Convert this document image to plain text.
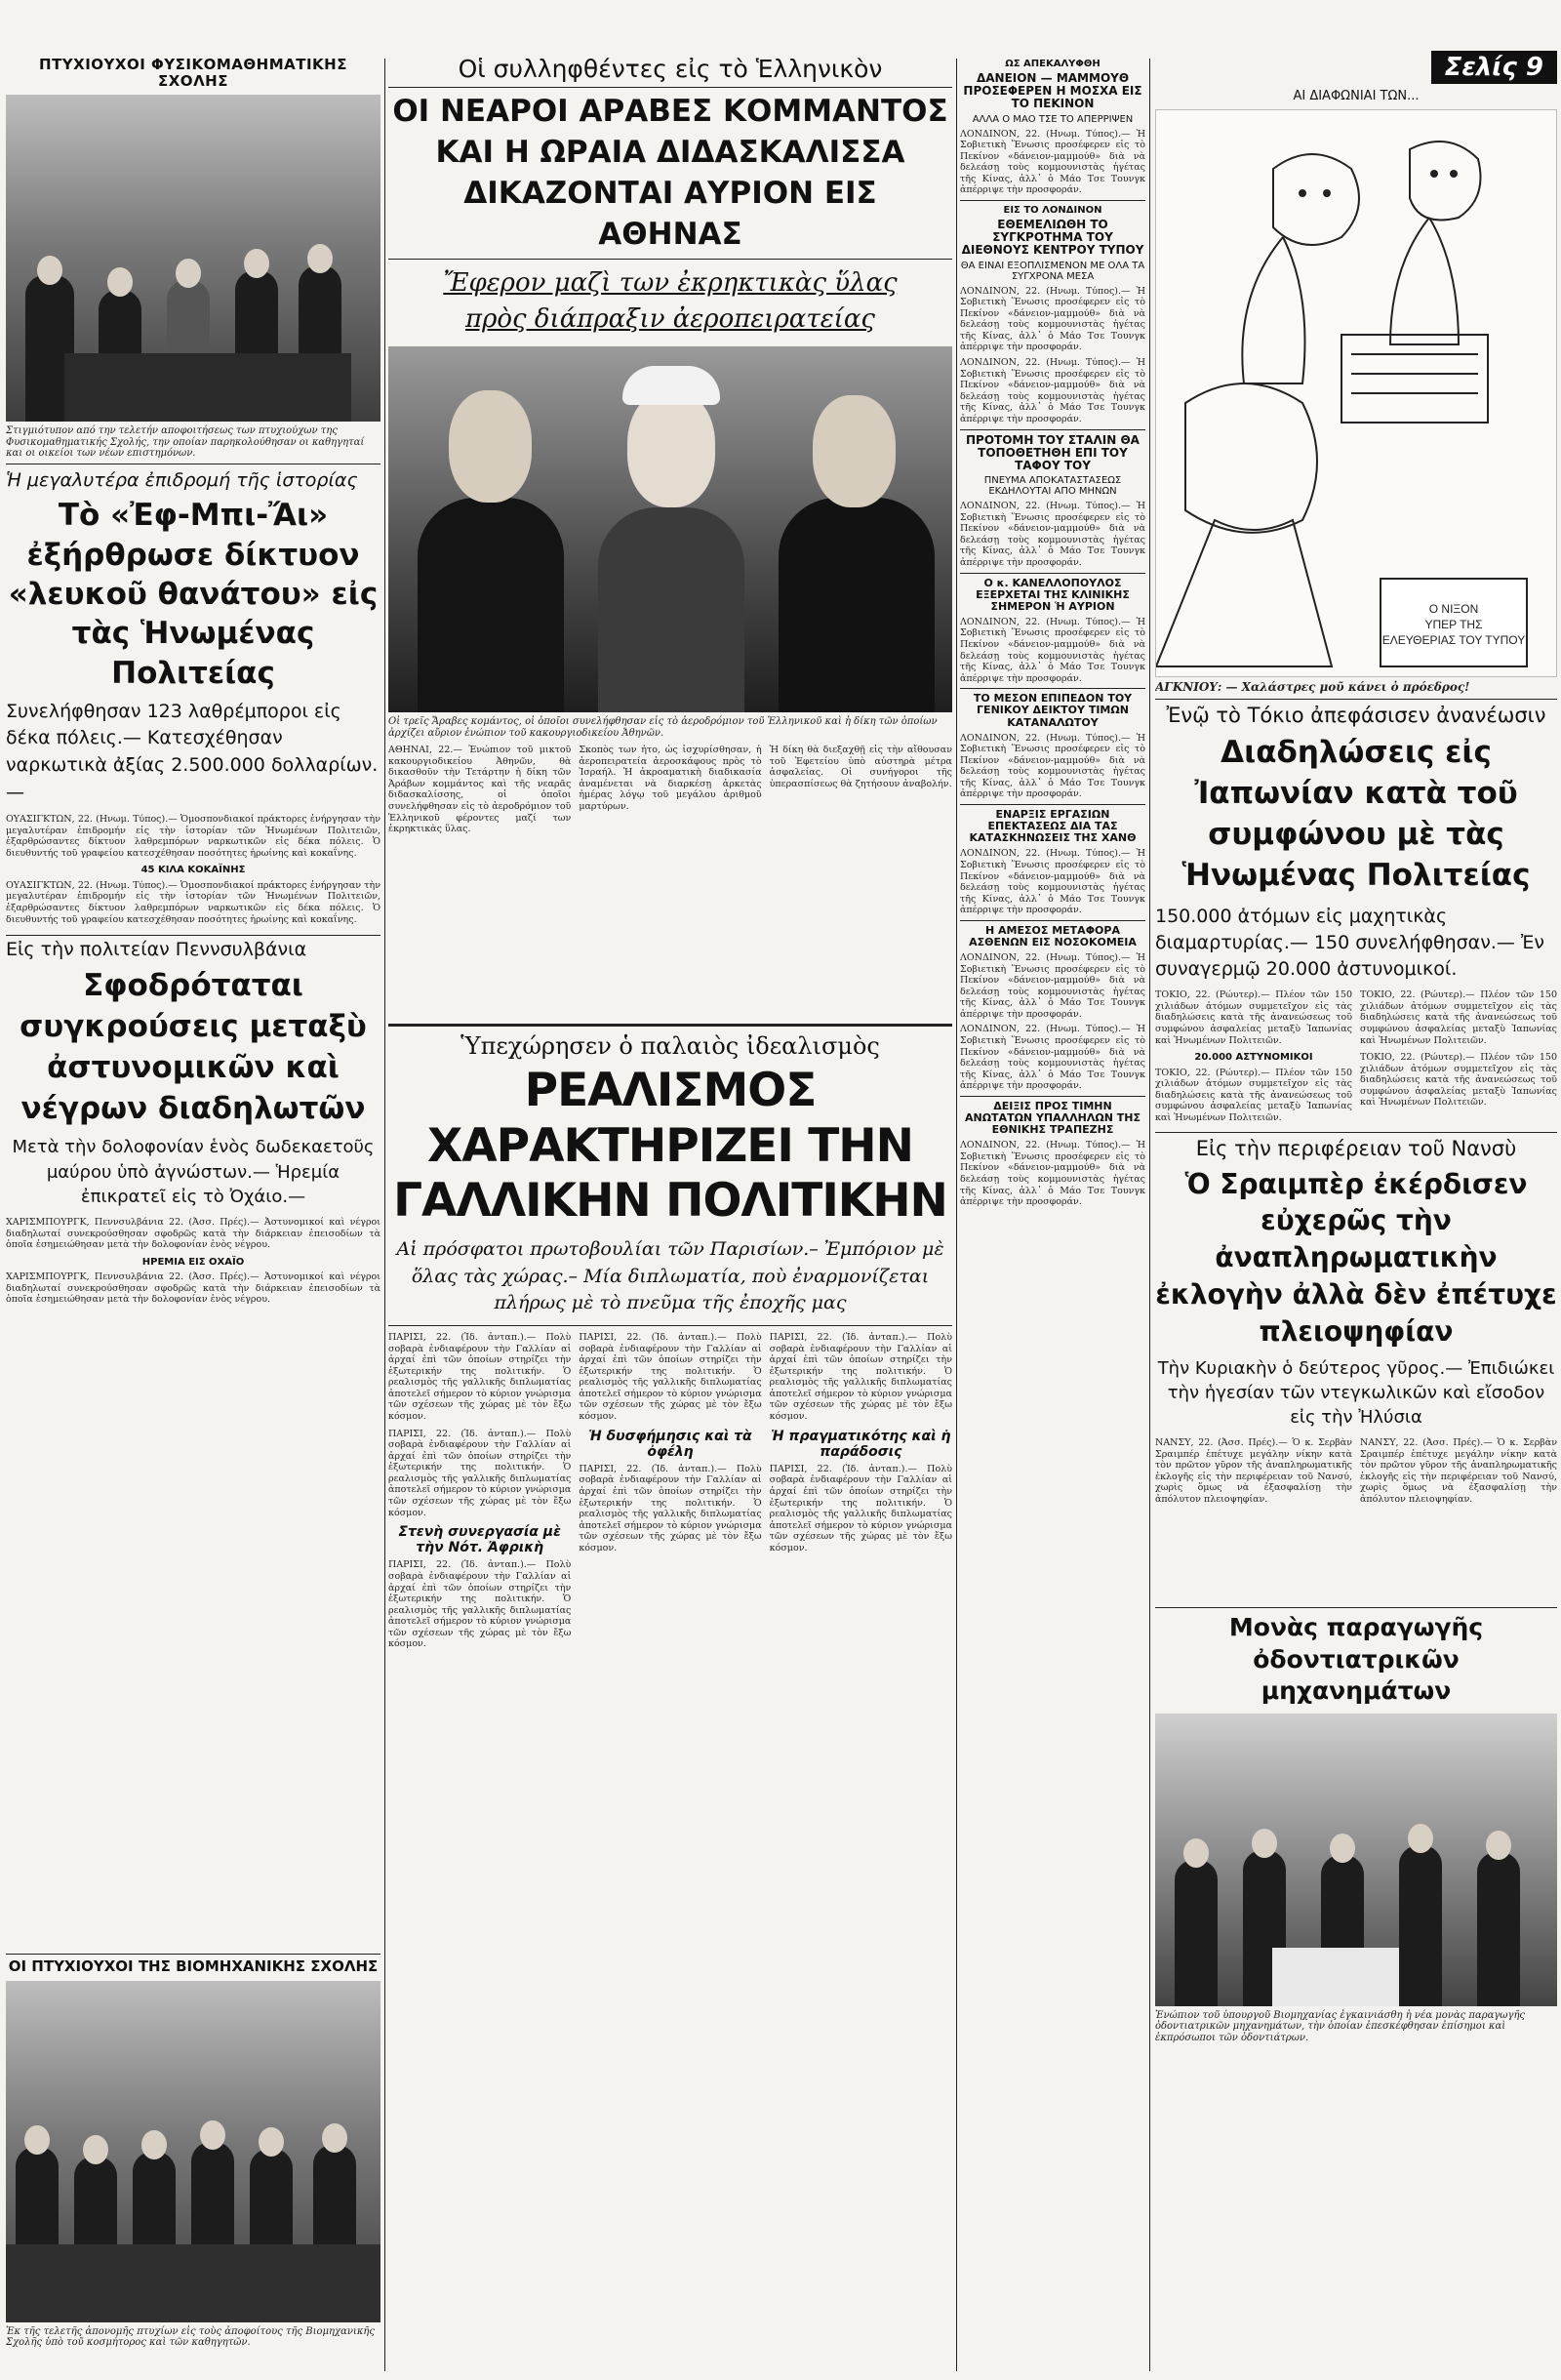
ΠΤΥΧΙΟΥΧΟΙ ΦΥΣΙΚΟΜΑΘΗΜΑΤΙΚΗΣ ΣΧΟΛΗΣ
Στιγμιότυπον από την τελετήν αποφοιτήσεως των πτυχιούχων της Φυσικομαθηματικής Σχολής, την οποίαν παρηκολούθησαν οι καθηγηταί και οι οικείοι των νέων επιστημόνων.
Ἡ μεγαλυτέρα ἐπιδρομή τῆς ἱστορίας
Τὸ «Ἐφ-Μπι-Ἄι» ἐξήρθρωσε δίκτυον «λευκοῦ θανάτου» εἰς τὰς Ἡνωμένας Πολιτείας
Συνελήφθησαν 123 λαθρέμποροι εἰς δέκα πόλεις.— Κατεσχέθησαν ναρκωτικὰ ἀξίας 2.500.000 δολλαρίων.—
ΟΥΑΣΙΓΚΤΩΝ, 22. (Ηνωμ. Τύπος).— Ὁμοσπονδιακοί πράκτορες ἐνήργησαν τὴν μεγαλυτέραν ἐπιδρομήν εἰς τὴν ἱστορίαν τῶν Ἡνωμένων Πολιτειῶν, ἐξαρθρώσαντες δίκτυον λαθρεμπόρων ναρκωτικῶν εἰς δέκα πόλεις. Ὁ διευθυντής τοῦ γραφείου κατεσχέθησαν ποσότητες ἡρωίνης καὶ κοκαΐνης.
45 ΚΙΛΑ ΚΟΚΑΪΝΗΣ
ΟΥΑΣΙΓΚΤΩΝ, 22. (Ηνωμ. Τύπος).— Ὁμοσπονδιακοί πράκτορες ἐνήργησαν τὴν μεγαλυτέραν ἐπιδρομήν εἰς τὴν ἱστορίαν τῶν Ἡνωμένων Πολιτειῶν, ἐξαρθρώσαντες δίκτυον λαθρεμπόρων ναρκωτικῶν εἰς δέκα πόλεις. Ὁ διευθυντής τοῦ γραφείου κατεσχέθησαν ποσότητες ἡρωίνης καὶ κοκαΐνης.
Εἰς τὴν πολιτείαν Πεννσυλβάνια
Σφοδρόταται συγκρούσεις μεταξὺ ἀστυνομικῶν καὶ νέγρων διαδηλωτῶν
Μετὰ τὴν δολοφονίαν ἑνὸς δωδεκαετοῦς μαύρου ὑπὸ ἀγνώστων.— Ἡρεμία ἐπικρατεῖ εἰς τὸ Ὀχάιο.—
ΧΑΡΙΣΜΠΟΥΡΓΚ, Πεννσυλβάνια 22. (Ἀσσ. Πρές).— Ἀστυνομικοί καὶ νέγροι διαδηλωταί συνεκρούσθησαν σφοδρῶς κατὰ τὴν διάρκειαν ἐπεισοδίων τὰ ὁποῖα ἐσημειώθησαν μετὰ τὴν δολοφονίαν ἑνὸς νέγρου.
ΗΡΕΜΙΑ ΕΙΣ ΟΧΑΪΟ
ΧΑΡΙΣΜΠΟΥΡΓΚ, Πεννσυλβάνια 22. (Ἀσσ. Πρές).— Ἀστυνομικοί καὶ νέγροι διαδηλωταί συνεκρούσθησαν σφοδρῶς κατὰ τὴν διάρκειαν ἐπεισοδίων τὰ ὁποῖα ἐσημειώθησαν μετὰ τὴν δολοφονίαν ἑνὸς νέγρου.
ΟΙ ΠΤΥΧΙΟΥΧΟΙ ΤΗΣ ΒΙΟΜΗΧΑΝΙΚΗΣ ΣΧΟΛΗΣ
Ἐκ τῆς τελετῆς ἀπονομῆς πτυχίων εἰς τοὺς ἀποφοίτους τῆς Βιομηχανικῆς Σχολῆς ὑπὸ τοῦ κοσμήτορος καὶ τῶν καθηγητῶν.
Οἱ συλληφθέντες εἰς τὸ Ἑλληνικὸν
ΟΙ ΝΕΑΡΟΙ ΑΡΑΒΕΣ ΚΟΜΜΑΝΤΟΣ ΚΑΙ Η ΩΡΑΙΑ ΔΙΔΑΣΚΑΛΙΣΣΑ ΔΙΚΑΖΟΝΤΑΙ ΑΥΡΙΟΝ ΕΙΣ ΑΘΗΝΑΣ
Ἔφερον μαζὶ των ἐκρηκτικὰς ὕλας
πρὸς διάπραξιν ἀεροπειρατείας
Οἱ τρεῖς Ἄραβες κομάντος, οἱ ὁποῖοι συνελήφθησαν εἰς τὸ ἀεροδρόμιον τοῦ Ἑλληνικοῦ καὶ ἡ δίκη τῶν ὁποίων ἀρχίζει αὔριον ἐνώπιον τοῦ κακουργιοδικείου Ἀθηνῶν.
ΑΘΗΝΑΙ, 22.— Ἐνώπιον τοῦ μικτοῦ κακουργιοδικείου Ἀθηνῶν, θὰ δικασθοῦν τὴν Τετάρτην ἡ δίκη τῶν Ἀράβων κομμάντος καὶ τῆς νεαρᾶς διδασκαλίσσης, οἱ ὁποῖοι συνελήφθησαν εἰς τὸ ἀεροδρόμιον τοῦ Ἑλληνικοῦ φέροντες μαζί των ἐκρηκτικὰς ὕλας.
Σκοπὸς των ἦτο, ὡς ἰσχυρίσθησαν, ἡ ἀεροπειρατεία ἀεροσκάφους πρὸς τὸ Ἰσραήλ. Ἡ ἀκροαματικὴ διαδικασία ἀναμένεται νὰ διαρκέσῃ ἀρκετὰς ἡμέρας λόγῳ τοῦ μεγάλου ἀριθμοῦ μαρτύρων.
Ἡ δίκη θὰ διεξαχθῇ εἰς τὴν αἴθουσαν τοῦ Ἐφετείου ὑπὸ αὐστηρὰ μέτρα ἀσφαλείας. Οἱ συνήγοροι τῆς ὑπερασπίσεως θὰ ζητήσουν ἀναβολήν.
Ὑπεχώρησεν ὁ παλαιὸς ἰδεαλισμὸς
ΡΕΑΛΙΣΜΟΣ ΧΑΡΑΚΤΗΡΙΖΕΙ ΤΗΝ ΓΑΛΛΙΚΗΝ ΠΟΛΙΤΙΚΗΝ
Αἱ πρόσφατοι πρωτοβουλίαι τῶν Παρισίων.– Ἐμπόριον μὲ ὅλας τὰς χώρας.– Μία διπλωματία, ποὺ ἐναρμονίζεται πλήρως μὲ τὸ πνεῦμα τῆς ἐποχῆς μας
ΠΑΡΙΣΙ, 22. (Ἰδ. ἀνταπ.).— Πολὺ σοβαρὰ ἐνδιαφέρουν τὴν Γαλλίαν αἱ ἀρχαί ἐπὶ τῶν ὁποίων στηρίζει τὴν ἐξωτερικήν της πολιτικήν. Ὁ ρεαλισμὸς τῆς γαλλικῆς διπλωματίας ἀποτελεῖ σήμερον τὸ κύριον γνώρισμα τῶν σχέσεων τῆς χώρας μὲ τὸν ἔξω κόσμον.
ΠΑΡΙΣΙ, 22. (Ἰδ. ἀνταπ.).— Πολὺ σοβαρὰ ἐνδιαφέρουν τὴν Γαλλίαν αἱ ἀρχαί ἐπὶ τῶν ὁποίων στηρίζει τὴν ἐξωτερικήν της πολιτικήν. Ὁ ρεαλισμὸς τῆς γαλλικῆς διπλωματίας ἀποτελεῖ σήμερον τὸ κύριον γνώρισμα τῶν σχέσεων τῆς χώρας μὲ τὸν ἔξω κόσμον.
Στενὴ συνεργασία μὲ τὴν Νότ. Ἀφρικὴ
ΠΑΡΙΣΙ, 22. (Ἰδ. ἀνταπ.).— Πολὺ σοβαρὰ ἐνδιαφέρουν τὴν Γαλλίαν αἱ ἀρχαί ἐπὶ τῶν ὁποίων στηρίζει τὴν ἐξωτερικήν της πολιτικήν. Ὁ ρεαλισμὸς τῆς γαλλικῆς διπλωματίας ἀποτελεῖ σήμερον τὸ κύριον γνώρισμα τῶν σχέσεων τῆς χώρας μὲ τὸν ἔξω κόσμον.
ΠΑΡΙΣΙ, 22. (Ἰδ. ἀνταπ.).— Πολὺ σοβαρὰ ἐνδιαφέρουν τὴν Γαλλίαν αἱ ἀρχαί ἐπὶ τῶν ὁποίων στηρίζει τὴν ἐξωτερικήν της πολιτικήν. Ὁ ρεαλισμὸς τῆς γαλλικῆς διπλωματίας ἀποτελεῖ σήμερον τὸ κύριον γνώρισμα τῶν σχέσεων τῆς χώρας μὲ τὸν ἔξω κόσμον.
Ἡ δυσφήμησις καὶ τὰ ὀφέλη
ΠΑΡΙΣΙ, 22. (Ἰδ. ἀνταπ.).— Πολὺ σοβαρὰ ἐνδιαφέρουν τὴν Γαλλίαν αἱ ἀρχαί ἐπὶ τῶν ὁποίων στηρίζει τὴν ἐξωτερικήν της πολιτικήν. Ὁ ρεαλισμὸς τῆς γαλλικῆς διπλωματίας ἀποτελεῖ σήμερον τὸ κύριον γνώρισμα τῶν σχέσεων τῆς χώρας μὲ τὸν ἔξω κόσμον.
ΠΑΡΙΣΙ, 22. (Ἰδ. ἀνταπ.).— Πολὺ σοβαρὰ ἐνδιαφέρουν τὴν Γαλλίαν αἱ ἀρχαί ἐπὶ τῶν ὁποίων στηρίζει τὴν ἐξωτερικήν της πολιτικήν. Ὁ ρεαλισμὸς τῆς γαλλικῆς διπλωματίας ἀποτελεῖ σήμερον τὸ κύριον γνώρισμα τῶν σχέσεων τῆς χώρας μὲ τὸν ἔξω κόσμον.
Ἡ πραγματικότης καὶ ἡ παράδοσις
ΠΑΡΙΣΙ, 22. (Ἰδ. ἀνταπ.).— Πολὺ σοβαρὰ ἐνδιαφέρουν τὴν Γαλλίαν αἱ ἀρχαί ἐπὶ τῶν ὁποίων στηρίζει τὴν ἐξωτερικήν της πολιτικήν. Ὁ ρεαλισμὸς τῆς γαλλικῆς διπλωματίας ἀποτελεῖ σήμερον τὸ κύριον γνώρισμα τῶν σχέσεων τῆς χώρας μὲ τὸν ἔξω κόσμον.
ΩΣ ΑΠΕΚΑΛΥΦΘΗ
ΔΑΝΕΙΟΝ — ΜΑΜΜΟΥΘ ΠΡΟΣΕΦΕΡΕΝ Η ΜΟΣΧΑ ΕΙΣ ΤΟ ΠΕΚΙΝΟΝ
ΑΛΛΑ Ο ΜΑΟ ΤΣΕ ΤΟ ΑΠΕΡΡΙΨΕΝ
ΛΟΝΔΙΝΟΝ, 22. (Ηνωμ. Τύπος).— Ἡ Σοβιετικὴ Ἕνωσις προσέφερεν εἰς τὸ Πεκίνον «δάνειον-μαμμούθ» διὰ νὰ δελεάσῃ τοὺς κομμουνιστὰς ἡγέτας τῆς Κίνας, ἀλλ᾿ ὁ Μάο Τσε Τουνγκ ἀπέρριψε τὴν προσφοράν.
ΕΙΣ ΤΟ ΛΟΝΔΙΝΟΝ
ΕΘΕΜΕΛΙΩΘΗ ΤΟ ΣΥΓΚΡΟΤΗΜΑ ΤΟΥ ΔΙΕΘΝΟΥΣ ΚΕΝΤΡΟΥ ΤΥΠΟΥ
ΘΑ ΕΙΝΑΙ ΕΞΟΠΛΙΣΜΕΝΟΝ ΜΕ ΟΛΑ ΤΑ ΣΥΓΧΡΟΝΑ ΜΕΣΑ
ΛΟΝΔΙΝΟΝ, 22. (Ηνωμ. Τύπος).— Ἡ Σοβιετικὴ Ἕνωσις προσέφερεν εἰς τὸ Πεκίνον «δάνειον-μαμμούθ» διὰ νὰ δελεάσῃ τοὺς κομμουνιστὰς ἡγέτας τῆς Κίνας, ἀλλ᾿ ὁ Μάο Τσε Τουνγκ ἀπέρριψε τὴν προσφοράν.
ΛΟΝΔΙΝΟΝ, 22. (Ηνωμ. Τύπος).— Ἡ Σοβιετικὴ Ἕνωσις προσέφερεν εἰς τὸ Πεκίνον «δάνειον-μαμμούθ» διὰ νὰ δελεάσῃ τοὺς κομμουνιστὰς ἡγέτας τῆς Κίνας, ἀλλ᾿ ὁ Μάο Τσε Τουνγκ ἀπέρριψε τὴν προσφοράν.
ΠΡΟΤΟΜΗ ΤΟΥ ΣΤΑΛΙΝ ΘΑ ΤΟΠΟΘΕΤΗΘΗ ΕΠΙ ΤΟΥ ΤΑΦΟΥ ΤΟΥ
ΠΝΕΥΜΑ ΑΠΟΚΑΤΑΣΤΑΣΕΩΣ ΕΚΔΗΛΟΥΤΑΙ ΑΠΟ ΜΗΝΩΝ
ΛΟΝΔΙΝΟΝ, 22. (Ηνωμ. Τύπος).— Ἡ Σοβιετικὴ Ἕνωσις προσέφερεν εἰς τὸ Πεκίνον «δάνειον-μαμμούθ» διὰ νὰ δελεάσῃ τοὺς κομμουνιστὰς ἡγέτας τῆς Κίνας, ἀλλ᾿ ὁ Μάο Τσε Τουνγκ ἀπέρριψε τὴν προσφοράν.
Ο κ. ΚΑΝΕΛΛΟΠΟΥΛΟΣ ΕΞΕΡΧΕΤΑΙ ΤΗΣ ΚΛΙΝΙΚΗΣ ΣΗΜΕΡΟΝ Ἡ ΑΥΡΙΟΝ
ΛΟΝΔΙΝΟΝ, 22. (Ηνωμ. Τύπος).— Ἡ Σοβιετικὴ Ἕνωσις προσέφερεν εἰς τὸ Πεκίνον «δάνειον-μαμμούθ» διὰ νὰ δελεάσῃ τοὺς κομμουνιστὰς ἡγέτας τῆς Κίνας, ἀλλ᾿ ὁ Μάο Τσε Τουνγκ ἀπέρριψε τὴν προσφοράν.
ΤΟ ΜΕΣΟΝ ΕΠΙΠΕΔΟΝ ΤΟΥ ΓΕΝΙΚΟΥ ΔΕΙΚΤΟΥ ΤΙΜΩΝ ΚΑΤΑΝΑΛΩΤΟΥ
ΛΟΝΔΙΝΟΝ, 22. (Ηνωμ. Τύπος).— Ἡ Σοβιετικὴ Ἕνωσις προσέφερεν εἰς τὸ Πεκίνον «δάνειον-μαμμούθ» διὰ νὰ δελεάσῃ τοὺς κομμουνιστὰς ἡγέτας τῆς Κίνας, ἀλλ᾿ ὁ Μάο Τσε Τουνγκ ἀπέρριψε τὴν προσφοράν.
ΕΝΑΡΞΙΣ ΕΡΓΑΣΙΩΝ ΕΠΕΚΤΑΣΕΩΣ ΔΙΑ ΤΑΣ ΚΑΤΑΣΚΗΝΩΣΕΙΣ ΤΗΣ ΧΑΝΘ
ΛΟΝΔΙΝΟΝ, 22. (Ηνωμ. Τύπος).— Ἡ Σοβιετικὴ Ἕνωσις προσέφερεν εἰς τὸ Πεκίνον «δάνειον-μαμμούθ» διὰ νὰ δελεάσῃ τοὺς κομμουνιστὰς ἡγέτας τῆς Κίνας, ἀλλ᾿ ὁ Μάο Τσε Τουνγκ ἀπέρριψε τὴν προσφοράν.
Η ΑΜΕΣΟΣ ΜΕΤΑΦΟΡΑ ΑΣΘΕΝΩΝ ΕΙΣ ΝΟΣΟΚΟΜΕΙΑ
ΛΟΝΔΙΝΟΝ, 22. (Ηνωμ. Τύπος).— Ἡ Σοβιετικὴ Ἕνωσις προσέφερεν εἰς τὸ Πεκίνον «δάνειον-μαμμούθ» διὰ νὰ δελεάσῃ τοὺς κομμουνιστὰς ἡγέτας τῆς Κίνας, ἀλλ᾿ ὁ Μάο Τσε Τουνγκ ἀπέρριψε τὴν προσφοράν.
ΛΟΝΔΙΝΟΝ, 22. (Ηνωμ. Τύπος).— Ἡ Σοβιετικὴ Ἕνωσις προσέφερεν εἰς τὸ Πεκίνον «δάνειον-μαμμούθ» διὰ νὰ δελεάσῃ τοὺς κομμουνιστὰς ἡγέτας τῆς Κίνας, ἀλλ᾿ ὁ Μάο Τσε Τουνγκ ἀπέρριψε τὴν προσφοράν.
ΔΕΙΞΙΣ ΠΡΟΣ ΤΙΜΗΝ ΑΝΩΤΑΤΩΝ ΥΠΑΛΛΗΛΩΝ ΤΗΣ ΕΘΝΙΚΗΣ ΤΡΑΠΕΖΗΣ
ΛΟΝΔΙΝΟΝ, 22. (Ηνωμ. Τύπος).— Ἡ Σοβιετικὴ Ἕνωσις προσέφερεν εἰς τὸ Πεκίνον «δάνειον-μαμμούθ» διὰ νὰ δελεάσῃ τοὺς κομμουνιστὰς ἡγέτας τῆς Κίνας, ἀλλ᾿ ὁ Μάο Τσε Τουνγκ ἀπέρριψε τὴν προσφοράν.
Σελίς 9
ΑΙ ΔΙΑΦΩΝΙΑΙ ΤΩΝ...
Ο ΝΙΞΟΝ ΥΠΕΡ ΤΗΣ ΕΛΕΥΘΕΡΙΑΣ ΤΟΥ ΤΥΠΟΥ
ΑΓΚΝΙΟΥ: — Χαλάστρες μοῦ κάνει ὁ πρόεδρος!
Ἐνῷ τὸ Τόκιο ἀπεφάσισεν ἀνανέωσιν
Διαδηλώσεις εἰς Ἰαπωνίαν κατὰ τοῦ συμφώνου μὲ τὰς Ἡνωμένας Πολιτείας
150.000 ἀτόμων εἰς μαχητικὰς διαμαρτυρίας.— 150 συνελήφθησαν.— Ἐν συναγερμῷ 20.000 ἀστυνομικοί.
ΤΟΚΙΟ, 22. (Ρώυτερ).— Πλέον τῶν 150 χιλιάδων ἀτόμων συμμετεῖχον εἰς τὰς διαδηλώσεις κατὰ τῆς ἀνανεώσεως τοῦ συμφώνου ἀσφαλείας μεταξὺ Ἰαπωνίας καὶ Ἡνωμένων Πολιτειῶν.
20.000 ΑΣΤΥΝΟΜΙΚΟΙ
ΤΟΚΙΟ, 22. (Ρώυτερ).— Πλέον τῶν 150 χιλιάδων ἀτόμων συμμετεῖχον εἰς τὰς διαδηλώσεις κατὰ τῆς ἀνανεώσεως τοῦ συμφώνου ἀσφαλείας μεταξὺ Ἰαπωνίας καὶ Ἡνωμένων Πολιτειῶν.
ΤΟΚΙΟ, 22. (Ρώυτερ).— Πλέον τῶν 150 χιλιάδων ἀτόμων συμμετεῖχον εἰς τὰς διαδηλώσεις κατὰ τῆς ἀνανεώσεως τοῦ συμφώνου ἀσφαλείας μεταξὺ Ἰαπωνίας καὶ Ἡνωμένων Πολιτειῶν.
ΤΟΚΙΟ, 22. (Ρώυτερ).— Πλέον τῶν 150 χιλιάδων ἀτόμων συμμετεῖχον εἰς τὰς διαδηλώσεις κατὰ τῆς ἀνανεώσεως τοῦ συμφώνου ἀσφαλείας μεταξὺ Ἰαπωνίας καὶ Ἡνωμένων Πολιτειῶν.
Εἰς τὴν περιφέρειαν τοῦ Νανσὺ
Ὁ Σραιμπὲρ ἐκέρδισεν εὐχερῶς τὴν ἀναπληρωματικὴν ἐκλογὴν ἀλλὰ δὲν ἐπέτυχε πλειοψηφίαν
Τὴν Κυριακὴν ὁ δεύτερος γῦρος.— Ἐπιδιώκει τὴν ἡγεσίαν τῶν ντεγκωλικῶν καὶ εἴσοδον εἰς τὴν Ἠλύσια
ΝΑΝΣΥ, 22. (Ἀσσ. Πρές).— Ὁ κ. Σερβὰν Σραιμπέρ ἐπέτυχε μεγάλην νίκην κατὰ τὸν πρῶτον γῦρον τῆς ἀναπληρωματικῆς ἐκλογῆς εἰς τὴν περιφέρειαν τοῦ Νανσύ, χωρὶς ὅμως νὰ ἐξασφαλίσῃ τὴν ἀπόλυτον πλειοψηφίαν.
ΝΑΝΣΥ, 22. (Ἀσσ. Πρές).— Ὁ κ. Σερβὰν Σραιμπέρ ἐπέτυχε μεγάλην νίκην κατὰ τὸν πρῶτον γῦρον τῆς ἀναπληρωματικῆς ἐκλογῆς εἰς τὴν περιφέρειαν τοῦ Νανσύ, χωρὶς ὅμως νὰ ἐξασφαλίσῃ τὴν ἀπόλυτον πλειοψηφίαν.
Μονὰς παραγωγῆς ὀδοντιατρικῶν μηχανημάτων
Ἐνώπιον τοῦ ὑπουργοῦ Βιομηχανίας ἐγκαινιάσθη ἡ νέα μονὰς παραγωγῆς ὀδοντιατρικῶν μηχανημάτων, τὴν ὁποίαν ἐπεσκέφθησαν ἐπίσημοι καὶ ἐκπρόσωποι τῶν ὀδοντιάτρων.
